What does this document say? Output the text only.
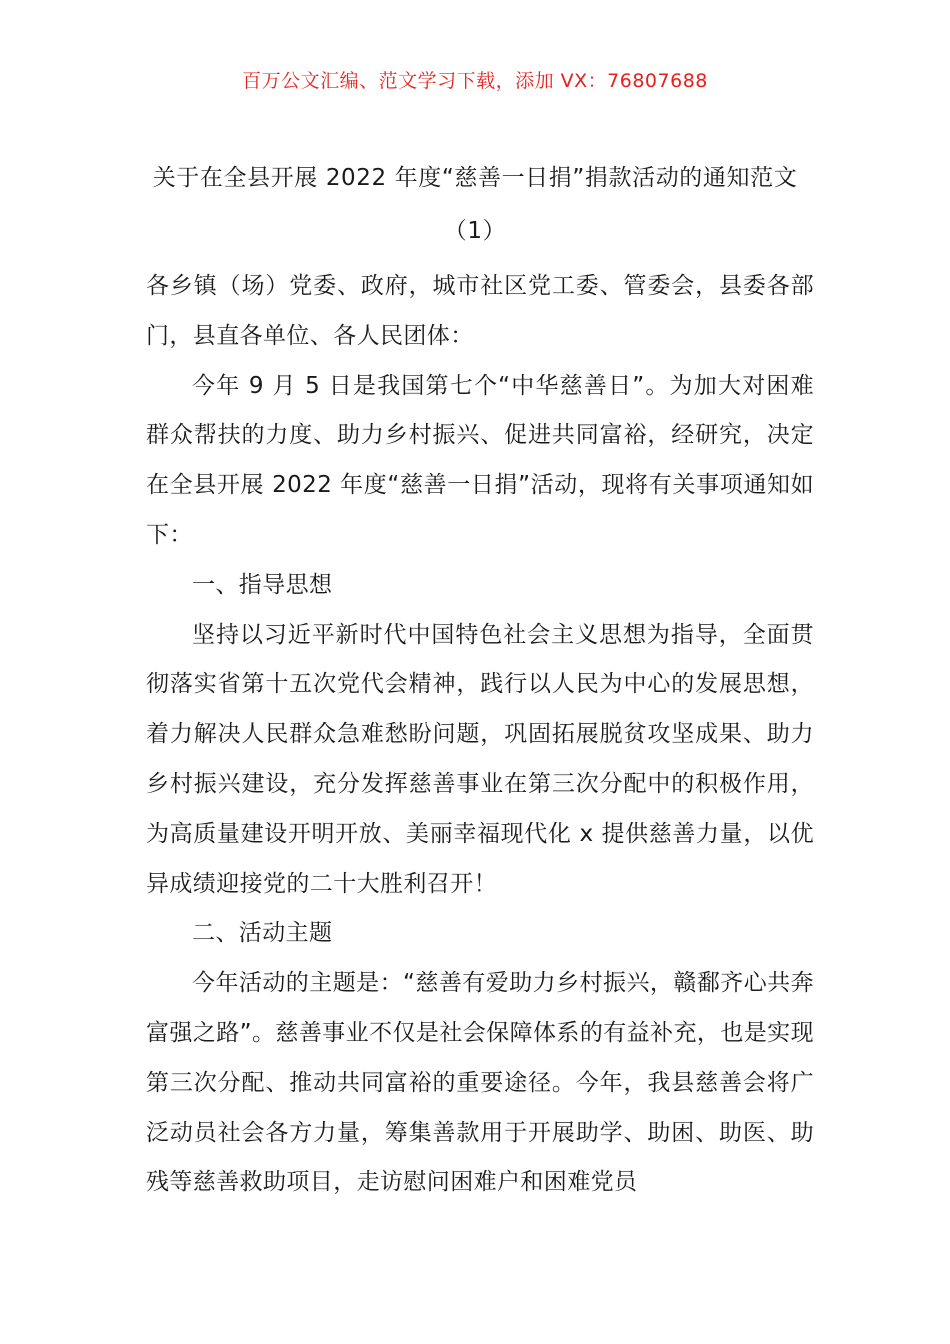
百万公文汇编、范文学习下载，添加 VX：76807688
关于在全县开展 2022 年度“慈善一日捐”捐款活动的通知范文（1）

各乡镇（场）党委、政府，城市社区党工委、管委会，县委各部门，县直各单位、各人民团体：

今年 9 月 5 日是我国第七个“中华慈善日”。为加大对困难群众帮扶的力度、助力乡村振兴、促进共同富裕，经研究，决定在全县开展 2022 年度“慈善一日捐”活动，现将有关事项通知如下：

一、指导思想

坚持以习近平新时代中国特色社会主义思想为指导，全面贯彻落实省第十五次党代会精神，践行以人民为中心的发展思想，着力解决人民群众急难愁盼问题，巩固拓展脱贫攻坚成果、助力乡村振兴建设，充分发挥慈善事业在第三次分配中的积极作用，为高质量建设开明开放、美丽幸福现代化 x 提供慈善力量，以优异成绩迎接党的二十大胜利召开！

二、活动主题

今年活动的主题是：“慈善有爱助力乡村振兴，赣鄱齐心共奔富强之路”。慈善事业不仅是社会保障体系的有益补充，也是实现第三次分配、推动共同富裕的重要途径。今年，我县慈善会将广泛动员社会各方力量，筹集善款用于开展助学、助困、助医、助残等慈善救助项目，走访慰问困难户和困难党员
